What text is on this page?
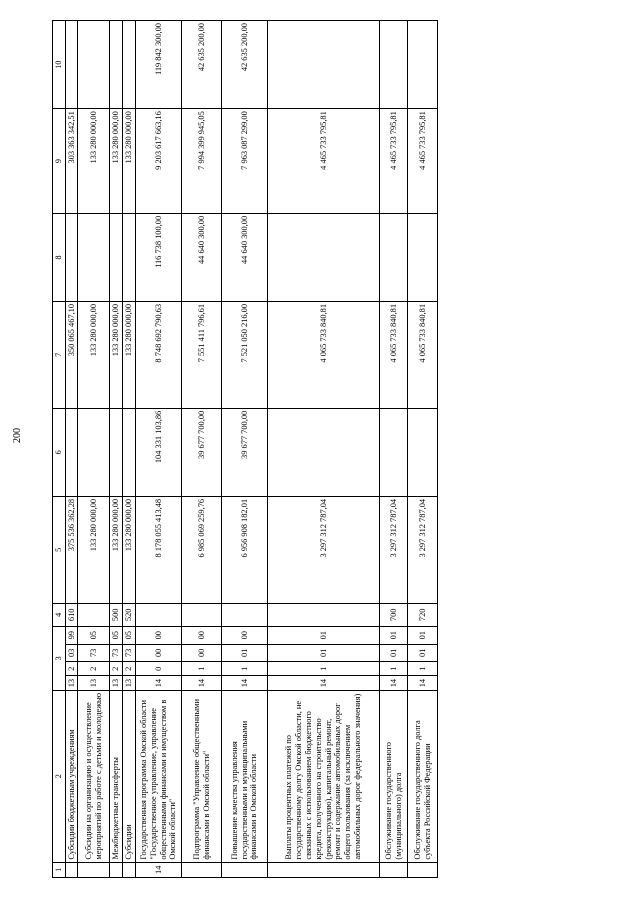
200
1	2	3				4	5	6	7	8	9	10
	Субсидии бюджетным учреждениям	13	2	03	99	610	375 536 362,28		350 065 467,10		303 363 342,51	
	Субсидии на организацию и осуществление мероприятий по работе с детьми и молодежью	13	2	73	05		133 280 000,00		133 280 000,00		133 280 000,00	
	Межбюджетные трансферты	13	2	73	05	500	133 280 000,00		133 280 000,00		133 280 000,00	
	Субсидии	13	2	73	05	520	133 280 000,00		133 280 000,00		133 280 000,00	
14	Государственная программа Омской области "Государственное управление, управление общественными финансами и имуществом в Омской области"	14	0	00	00		8 178 055 413,48	104 331 103,86	8 748 692 790,63	116 738 100,00	9 203 617 663,16	119 842 300,00
	Подпрограмма "Управление общественными финансами в Омской области"	14	1	00	00		6 985 069 259,76	39 677 700,00	7 551 411 796,61	44 640 300,00	7 994 399 945,05	42 635 200,00
	Повышение качества управления государственными и муниципальными финансами в Омской области	14	1	01	00		6 956 908 182,01	39 677 700,00	7 521 050 216,00	44 640 300,00	7 963 087 299,00	42 635 200,00
	Выплаты процентных платежей по государственному долгу Омской области, не связанных с использованием бюджетного кредита, полученного на строительство (реконструкцию), капитальный ремонт, ремонт и содержание автомобильных дорог общего пользования (за исключением автомобильных дорог федерального значения)	14	1	01	01		3 297 312 787,04		4 065 733 840,81		4 465 733 795,81	
	Обслуживание государственного (муниципального) долга	14	1	01	01	700	3 297 312 787,04		4 065 733 840,81		4 465 733 795,81	
	Обслуживание государственного долга субъекта Российской Федерации	14	1	01	01	720	3 297 312 787,04		4 065 733 840,81		4 465 733 795,81	
